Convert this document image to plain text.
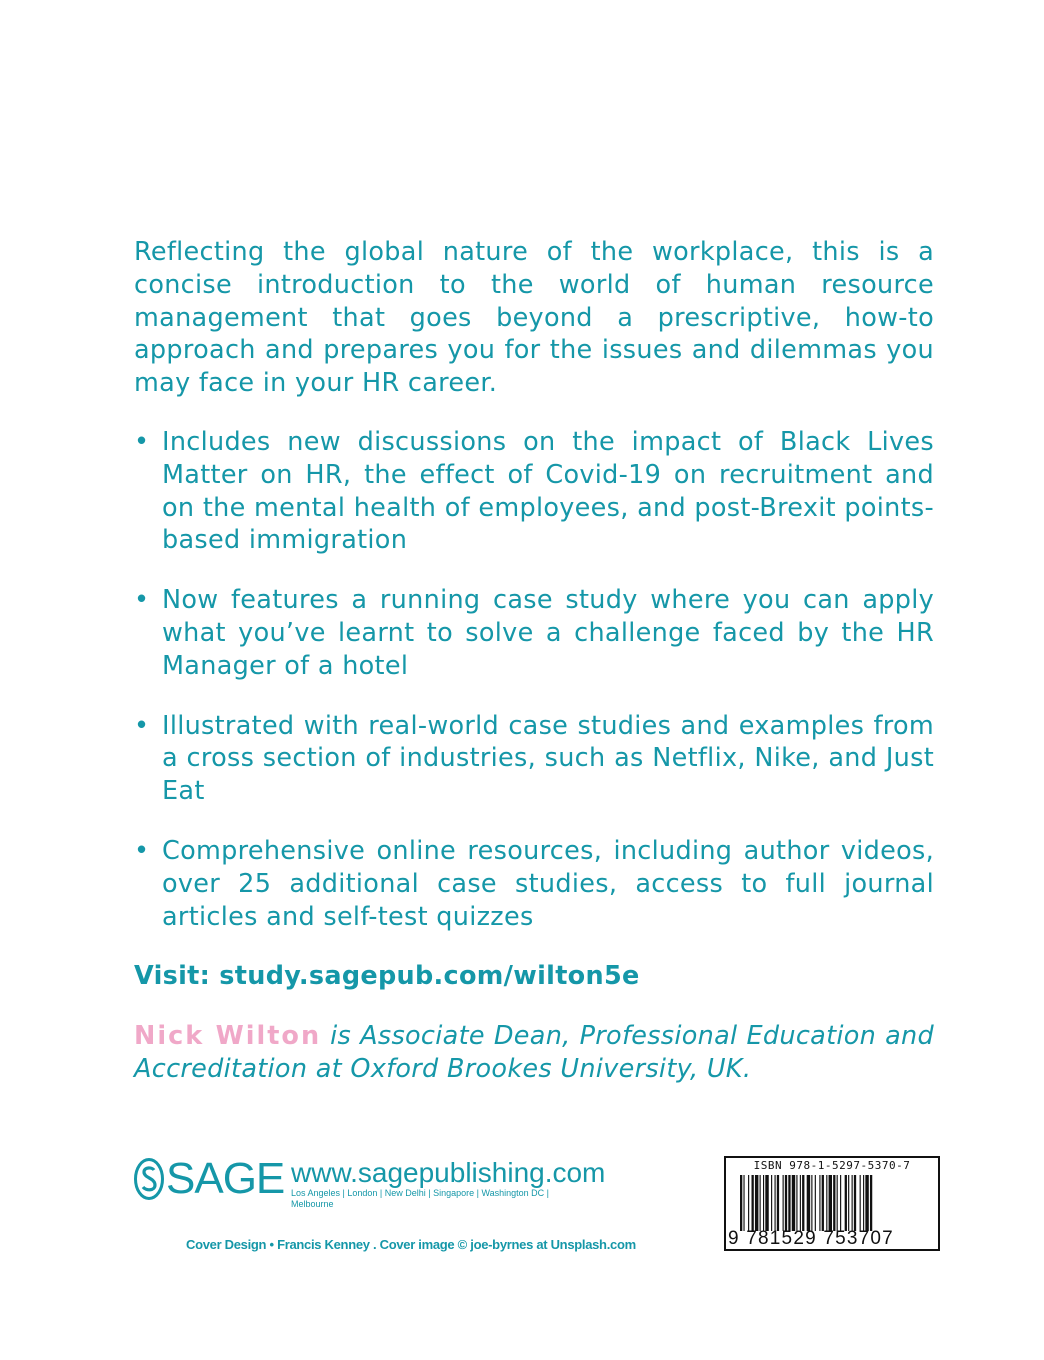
Reflecting the global nature of the workplace, this is a concise introduction to the world of human resource management that goes beyond a prescriptive, how-to approach and prepares you for the issues and dilemmas you may face in your HR career.

• Includes new discussions on the impact of Black Lives Matter on HR, the effect of Covid-19 on recruitment and on the mental health of employees, and post-Brexit points-based immigration
• Now features a running case study where you can apply what you’ve learnt to solve a challenge faced by the HR Manager of a hotel
• Illustrated with real-world case studies and examples from a cross section of industries, such as Netflix, Nike, and Just Eat
• Comprehensive online resources, including author videos, over 25 additional case studies, access to full journal articles and self-test quizzes
Visit: study.sagepub.com/wilton5e
Nick Wilton is Associate Dean, Professional Education and Accreditation at Oxford Brookes University, UK.
SAGE www.sagepublishing.com
Los Angeles | London | New Delhi | Singapore | Washington DC | Melbourne
Cover Design • Francis Kenney . Cover image © joe-byrnes at Unsplash.com
ISBN 978-1-5297-5370-7
9 781529 753707
